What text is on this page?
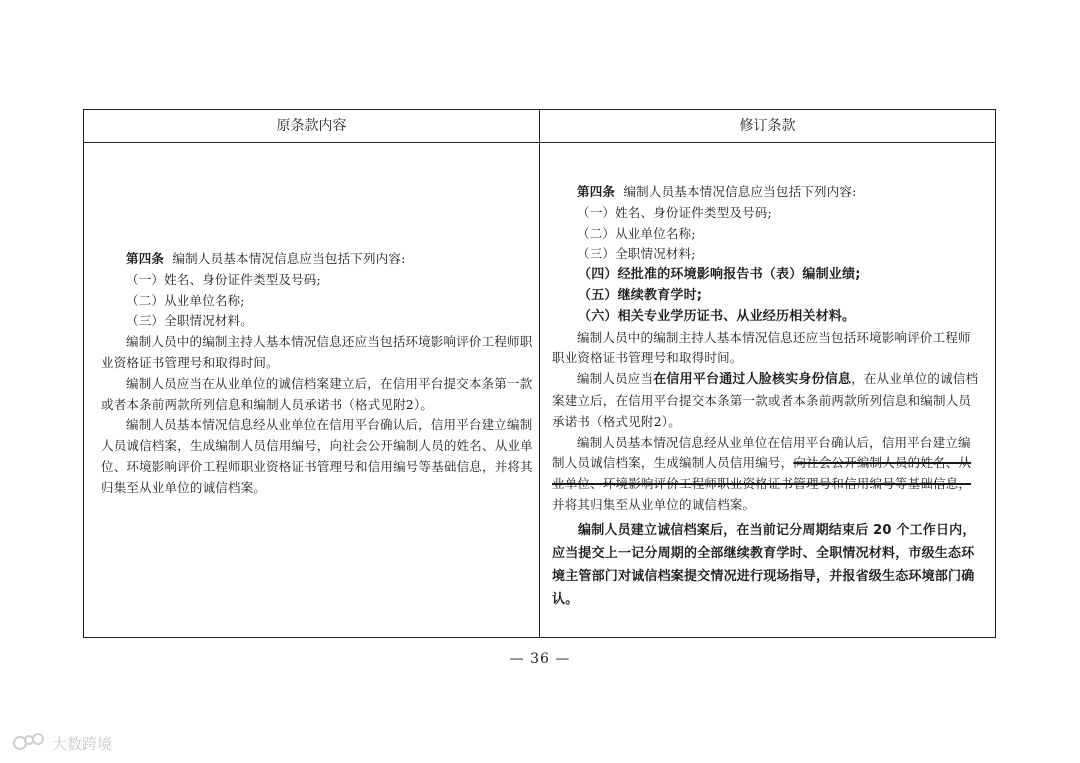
原条款内容	修订条款

第四条 编制人员基本情况信息应当包括下列内容:

（一）姓名、身份证件类型及号码;

（二）从业单位名称;

（三）全职情况材料。

编制人员中的编制主持人基本情况信息还应当包括环境影响评价工程师职业资格证书管理号和取得时间。

编制人员应当在从业单位的诚信档案建立后，在信用平台提交本条第一款或者本条前两款所列信息和编制人员承诺书（格式见附2）。

编制人员基本情况信息经从业单位在信用平台确认后，信用平台建立编制人员诚信档案，生成编制人员信用编号，向社会公开编制人员的姓名、从业单位、环境影响评价工程师职业资格证书管理号和信用编号等基础信息，并将其归集至从业单位的诚信档案。

第四条 编制人员基本情况信息应当包括下列内容:

（一）姓名、身份证件类型及号码;

（二）从业单位名称;

（三）全职情况材料;

（四）经批准的环境影响报告书（表）编制业绩;

（五）继续教育学时;

（六）相关专业学历证书、从业经历相关材料。

编制人员中的编制主持人基本情况信息还应当包括环境影响评价工程师职业资格证书管理号和取得时间。

编制人员应当在信用平台通过人脸核实身份信息，在从业单位的诚信档案建立后，在信用平台提交本条第一款或者本条前两款所列信息和编制人员承诺书（格式见附2）。

编制人员基本情况信息经从业单位在信用平台确认后，信用平台建立编制人员诚信档案，生成编制人员信用编号，向社会公开编制人员的姓名、从业单位、环境影响评价工程师职业资格证书管理号和信用编号等基础信息，并将其归集至从业单位的诚信档案。

编制人员建立诚信档案后，在当前记分周期结束后 20 个工作日内，应当提交上一记分周期的全部继续教育学时、全职情况材料，市级生态环境主管部门对诚信档案提交情况进行现场指导，并报省级生态环境部门确认。

— 36 —
大数跨境
